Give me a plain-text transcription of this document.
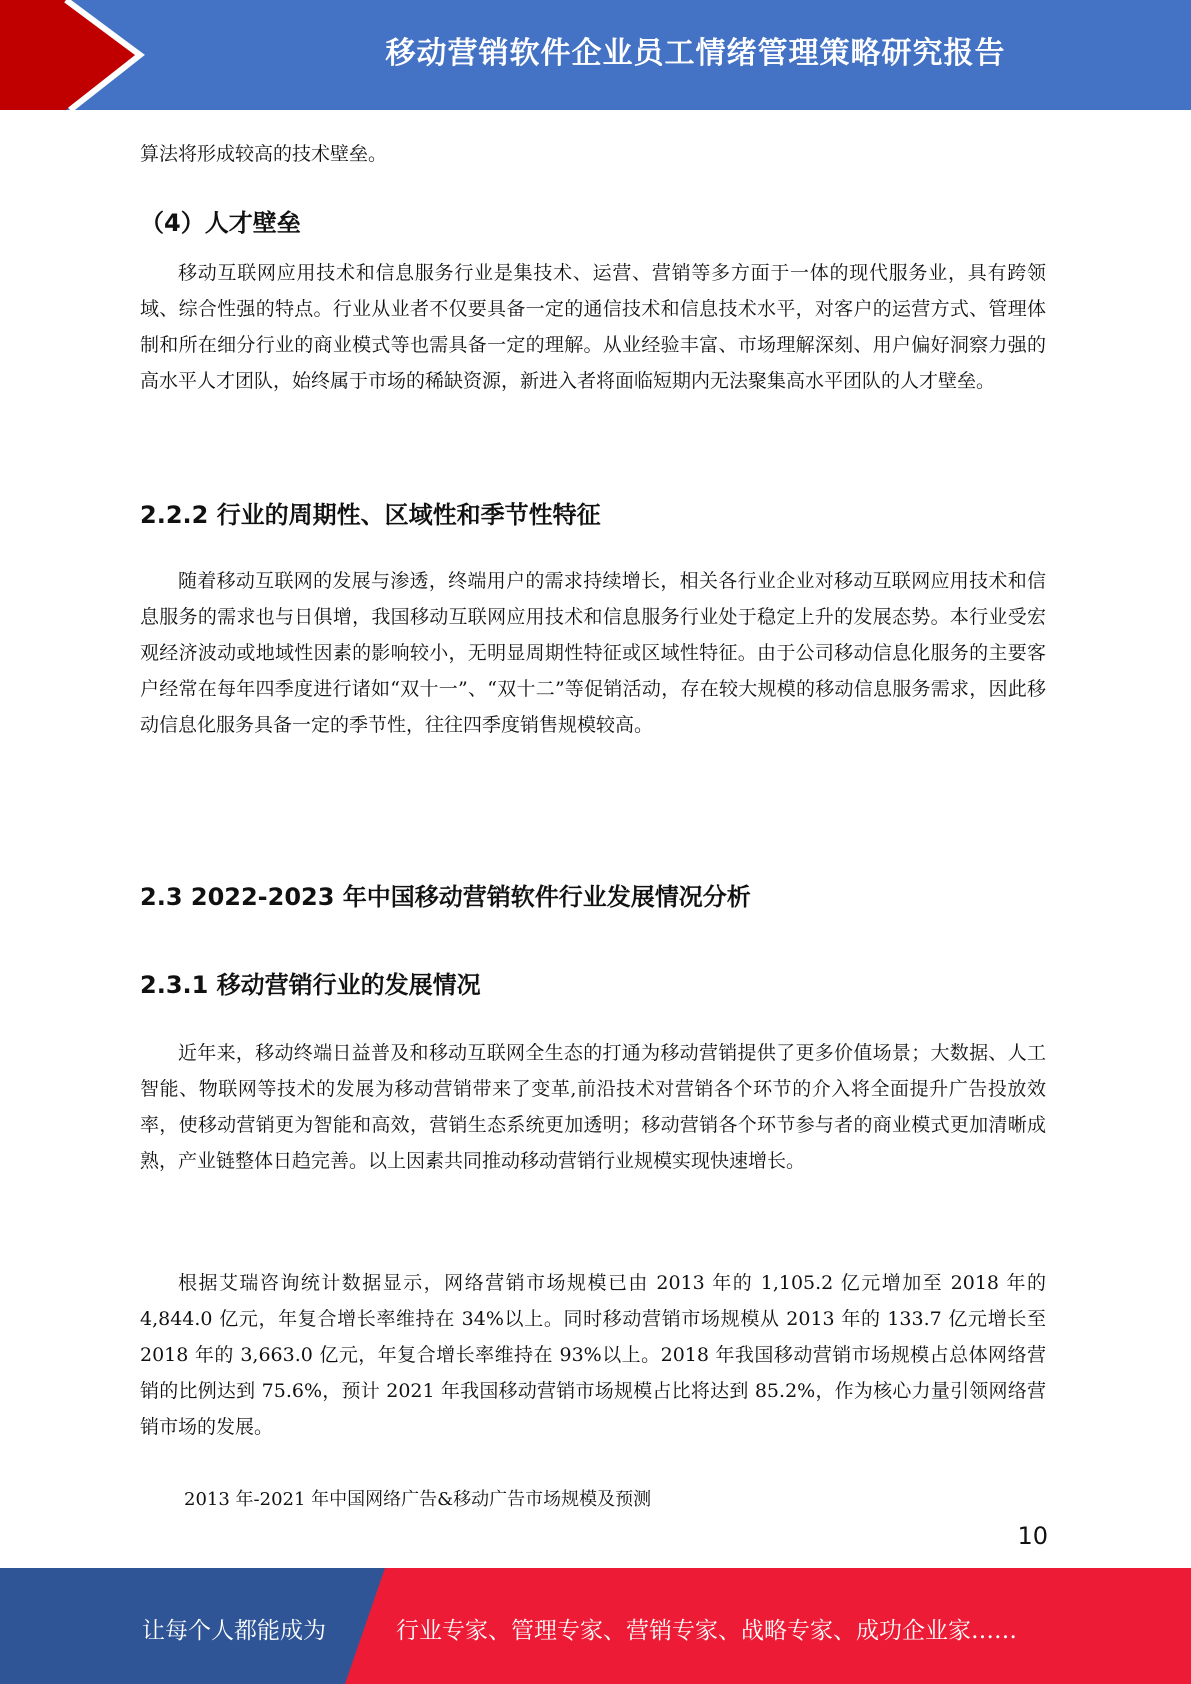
移动营销软件企业员工情绪管理策略研究报告
算法将形成较高的技术壁垒。
（4）人才壁垒
移动互联网应用技术和信息服务行业是集技术、运营、营销等多方面于一体的现代服务业，具有跨领域、综合性强的特点。行业从业者不仅要具备一定的通信技术和信息技术水平，对客户的运营方式、管理体制和所在细分行业的商业模式等也需具备一定的理解。从业经验丰富、市场理解深刻、用户偏好洞察力强的高水平人才团队，始终属于市场的稀缺资源，新进入者将面临短期内无法聚集高水平团队的人才壁垒。
2.2.2 行业的周期性、区域性和季节性特征
随着移动互联网的发展与渗透，终端用户的需求持续增长，相关各行业企业对移动互联网应用技术和信息服务的需求也与日俱增，我国移动互联网应用技术和信息服务行业处于稳定上升的发展态势。本行业受宏观经济波动或地域性因素的影响较小，无明显周期性特征或区域性特征。由于公司移动信息化服务的主要客户经常在每年四季度进行诸如“双十一”、“双十二”等促销活动，存在较大规模的移动信息服务需求，因此移动信息化服务具备一定的季节性，往往四季度销售规模较高。
2.3 2022-2023 年中国移动营销软件行业发展情况分析
2.3.1 移动营销行业的发展情况
近年来，移动终端日益普及和移动互联网全生态的打通为移动营销提供了更多价值场景；大数据、人工智能、物联网等技术的发展为移动营销带来了变革,前沿技术对营销各个环节的介入将全面提升广告投放效率，使移动营销更为智能和高效，营销生态系统更加透明；移动营销各个环节参与者的商业模式更加清晰成熟，产业链整体日趋完善。以上因素共同推动移动营销行业规模实现快速增长。
根据艾瑞咨询统计数据显示，网络营销市场规模已由 2013 年的 1,105.2 亿元增加至 2018 年的 4,844.0 亿元，年复合增长率维持在 34%以上。同时移动营销市场规模从 2013 年的 133.7 亿元增长至 2018 年的 3,663.0 亿元，年复合增长率维持在 93%以上。2018 年我国移动营销市场规模占总体网络营销的比例达到 75.6%，预计 2021 年我国移动营销市场规模占比将达到 85.2%，作为核心力量引领网络营销市场的发展。
2013 年-2021 年中国网络广告&移动广告市场规模及预测
10
让每个人都能成为	行业专家、管理专家、营销专家、战略专家、成功企业家……
